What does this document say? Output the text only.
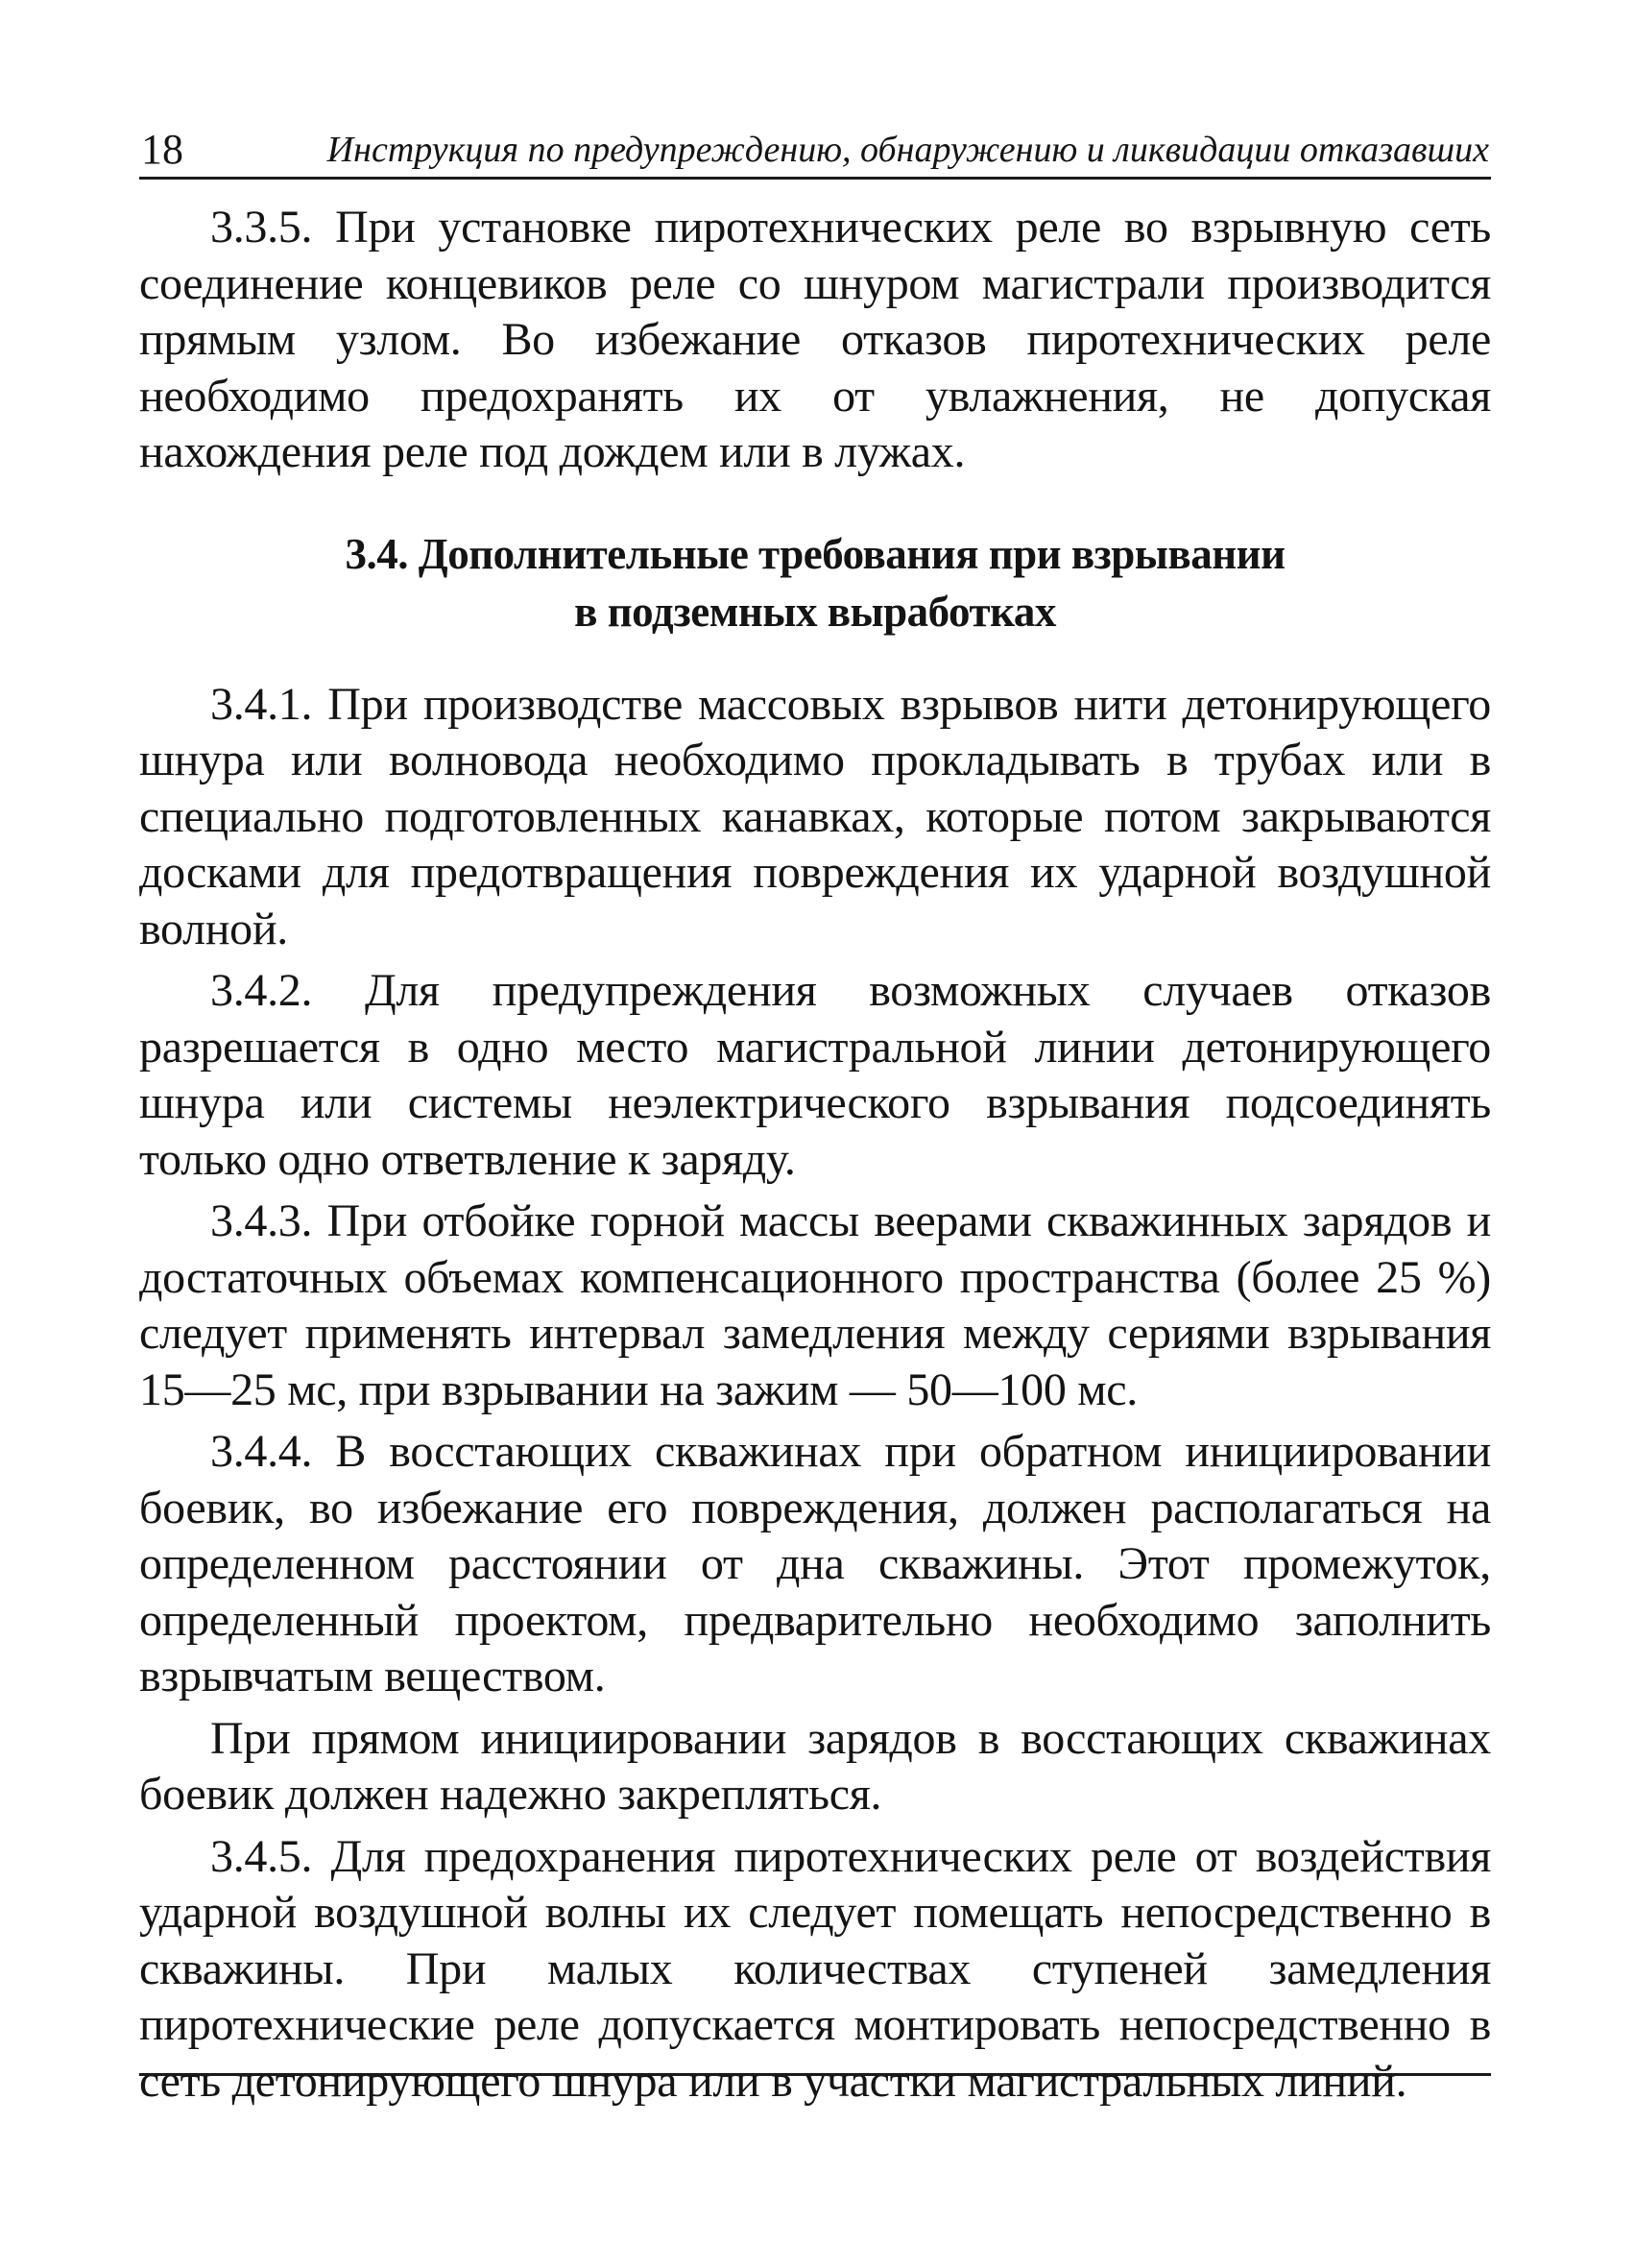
18	Инструкция по предупреждению, обнаружению и ликвидации отказавших

3.3.5. При установке пиротехнических реле во взрывную сеть соединение концевиков реле со шнуром магистрали производится прямым узлом. Во избежание отказов пиротехнических реле необходимо предохранять их от увлажнения, не допуская нахождения реле под дождем или в лужах.

3.4. Дополнительные требования при взрывании
в подземных выработках

3.4.1. При производстве массовых взрывов нити детонирующего шнура или волновода необходимо прокладывать в трубах или в специально подготовленных канавках, которые потом закрываются досками для предотвращения повреждения их ударной воздушной волной.

3.4.2. Для предупреждения возможных случаев отказов разрешается в одно место магистральной линии детонирующего шнура или системы неэлектрического взрывания подсоединять только одно ответвление к заряду.

3.4.3. При отбойке горной массы веерами скважинных зарядов и достаточных объемах компенсационного пространства (более 25 %) следует применять интервал замедления между сериями взрывания 15—25 мс, при взрывании на зажим — 50—100 мс.

3.4.4. В восстающих скважинах при обратном инициировании боевик, во избежание его повреждения, должен располагаться на определенном расстоянии от дна скважины. Этот промежуток, определенный проектом, предварительно необходимо заполнить взрывчатым веществом.

При прямом инициировании зарядов в восстающих скважинах боевик должен надежно закрепляться.

3.4.5. Для предохранения пиротехнических реле от воздействия ударной воздушной волны их следует помещать непосредственно в скважины. При малых количествах ступеней замедления пиротехнические реле допускается монтировать непосредственно в сеть детонирующего шнура или в участки магистральных линий.
